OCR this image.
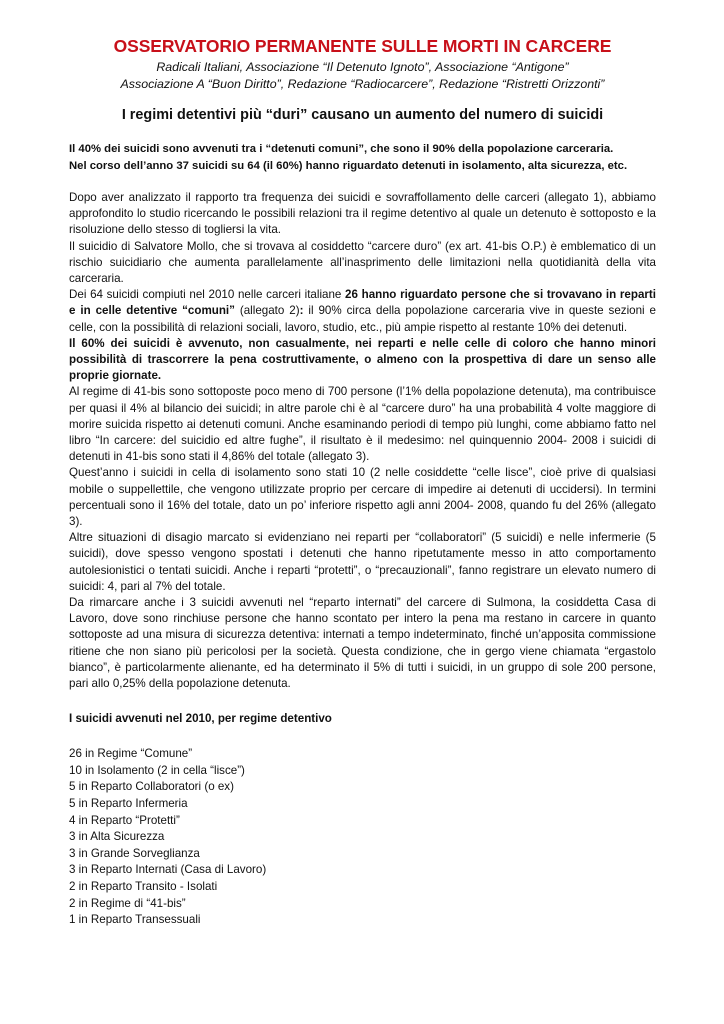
OSSERVATORIO PERMANENTE SULLE MORTI IN CARCERE

Radicali Italiani, Associazione “Il Detenuto Ignoto”, Associazione “Antigone”

Associazione A “Buon Diritto”, Redazione “Radiocarcere”, Redazione “Ristretti Orizzonti”

I regimi detentivi più “duri” causano un aumento del numero di suicidi
Il 40% dei suicidi sono avvenuti tra i “detenuti comuni”, che sono il 90% della popolazione carceraria.
Nel corso dell’anno 37 suicidi su 64 (il 60%) hanno riguardato detenuti in isolamento, alta sicurezza, etc.

Dopo aver analizzato il rapporto tra frequenza dei suicidi e sovraffollamento delle carceri (allegato 1), abbiamo approfondito lo studio ricercando le possibili relazioni tra il regime detentivo al quale un detenuto è sottoposto e la risoluzione dello stesso di togliersi la vita.

Il suicidio di Salvatore Mollo, che si trovava al cosiddetto “carcere duro” (ex art. 41-bis O.P.) è emblematico di un rischio suicidiario che aumenta parallelamente all’inasprimento delle limitazioni nella quotidianità della vita carceraria.

Dei 64 suicidi compiuti nel 2010 nelle carceri italiane 26 hanno riguardato persone che si trovavano in reparti e in celle detentive “comuni” (allegato 2): il 90% circa della popolazione carceraria vive in queste sezioni e celle, con la possibilità di relazioni sociali, lavoro, studio, etc., più ampie rispetto al restante 10% dei detenuti.

Il 60% dei suicidi è avvenuto, non casualmente, nei reparti e nelle celle di coloro che hanno minori possibilità di trascorrere la pena costruttivamente, o almeno con la prospettiva di dare un senso alle proprie giornate.

Al regime di 41-bis sono sottoposte poco meno di 700 persone (l’1% della popolazione detenuta), ma contribuisce per quasi il 4% al bilancio dei suicidi; in altre parole chi è al “carcere duro” ha una probabilità 4 volte maggiore di morire suicida rispetto ai detenuti comuni. Anche esaminando periodi di tempo più lunghi, come abbiamo fatto nel libro “In carcere: del suicidio ed altre fughe”, il risultato è il medesimo: nel quinquennio 2004- 2008 i suicidi di detenuti in 41-bis sono stati il 4,86% del totale (allegato 3).

Quest’anno i suicidi in cella di isolamento sono stati 10 (2 nelle cosiddette “celle lisce”, cioè prive di qualsiasi mobile o suppellettile, che vengono utilizzate proprio per cercare di impedire ai detenuti di uccidersi). In termini percentuali sono il 16% del totale, dato un po’ inferiore rispetto agli anni 2004- 2008, quando fu del 26% (allegato 3).

Altre situazioni di disagio marcato si evidenziano nei reparti per “collaboratori” (5 suicidi) e nelle infermerie (5 suicidi), dove spesso vengono spostati i detenuti che hanno ripetutamente messo in atto comportamento autolesionistici o tentati suicidi. Anche i reparti “protetti”, o “precauzionali”, fanno registrare un elevato numero di suicidi: 4, pari al 7% del totale.

Da rimarcare anche i 3 suicidi avvenuti nel “reparto internati” del carcere di Sulmona, la cosiddetta Casa di Lavoro, dove sono rinchiuse persone che hanno scontato per intero la pena ma restano in carcere in quanto sottoposte ad una misura di sicurezza detentiva: internati a tempo indeterminato, finché un’apposita commissione ritiene che non siano più pericolosi per la società. Questa condizione, che in gergo viene chiamata “ergastolo bianco”, è particolarmente alienante, ed ha determinato il 5% di tutti i suicidi, in un gruppo di sole 200 persone, pari allo 0,25% della popolazione detenuta.

I suicidi avvenuti nel 2010, per regime detentivo
26 in Regime “Comune”
10 in Isolamento (2 in cella “lisce”)
5 in Reparto Collaboratori (o ex)
5 in Reparto Infermeria
4 in Reparto “Protetti”
3 in Alta Sicurezza
3 in Grande Sorveglianza
3 in Reparto Internati (Casa di Lavoro)
2 in Reparto Transito - Isolati
2 in Regime di “41-bis”
1 in Reparto Transessuali
